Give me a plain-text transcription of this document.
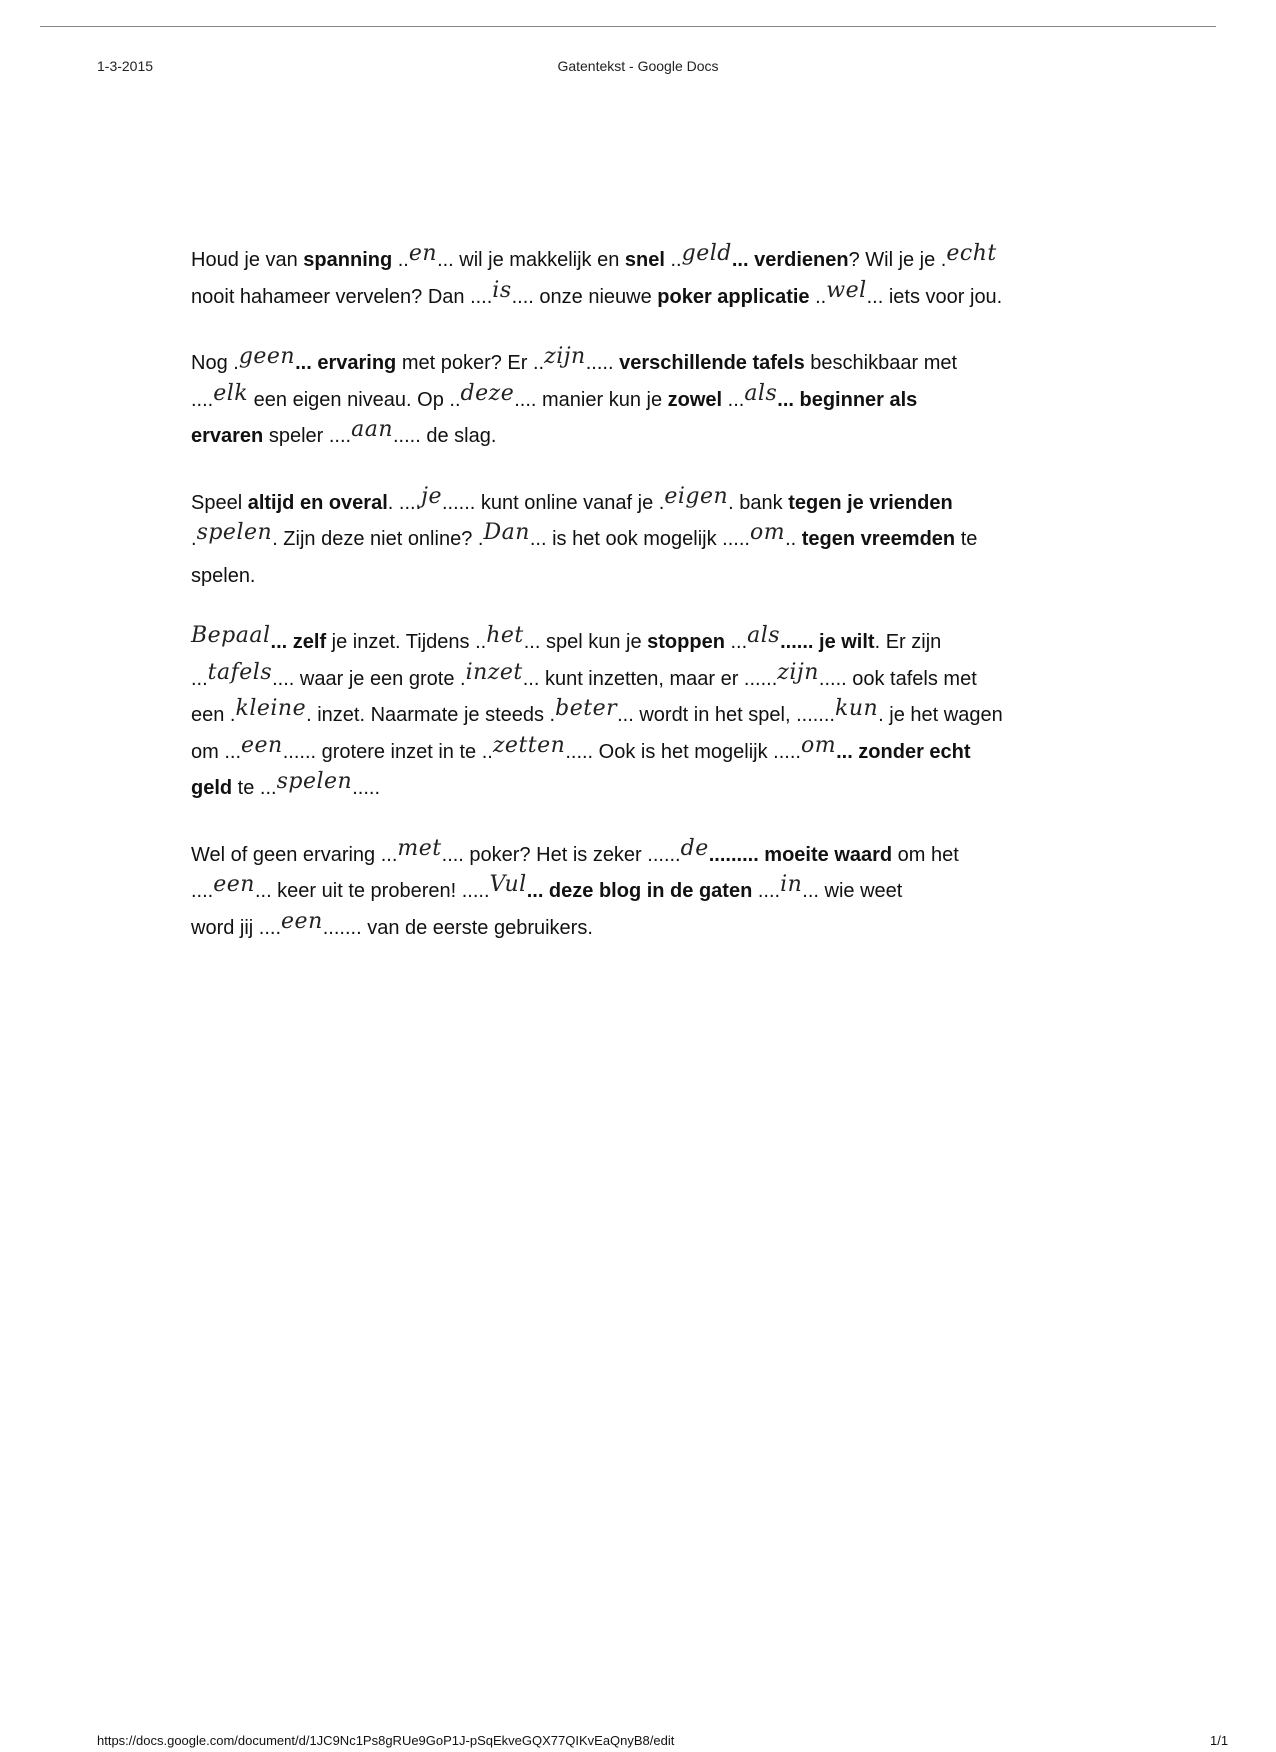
1-3-2015	Gatentekst - Google Docs

Houd je van spanning ..en... wil je makkelijk en snel ..geld... verdienen? Wil je je .echt
nooit hahameer vervelen? Dan ....is.... onze nieuwe poker applicatie ..wel... iets voor jou.

Nog .geen... ervaring met poker? Er ..zijn..... verschillende tafels beschikbaar met
....elk een eigen niveau. Op ..deze.... manier kun je zowel ...als... beginner als
ervaren speler ....aan..... de slag.

Speel altijd en overal. ....je...... kunt online vanaf je .eigen. bank tegen je vrienden
.spelen. Zijn deze niet online? .Dan... is het ook mogelijk .....om.. tegen vreemden te
spelen.

Bepaal... zelf je inzet. Tijdens ..het... spel kun je stoppen ...als...... je wilt. Er zijn
...tafels.... waar je een grote .inzet... kunt inzetten, maar er ......zijn..... ook tafels met
een .kleine. inzet. Naarmate je steeds .beter... wordt in het spel, .......kun. je het wagen
om ...een...... grotere inzet in te ..zetten..... Ook is het mogelijk .....om... zonder echt
geld te ...spelen.....

Wel of geen ervaring ...met.... poker? Het is zeker ......de......... moeite waard om het
....een... keer uit te proberen! .....Vul... deze blog in de gaten ....in... wie weet
word jij ....een....... van de eerste gebruikers.

https://docs.google.com/document/d/1JC9Nc1Ps8gRUe9GoP1J-pSqEkveGQX77QIKvEaQnyB8/edit	1/1
